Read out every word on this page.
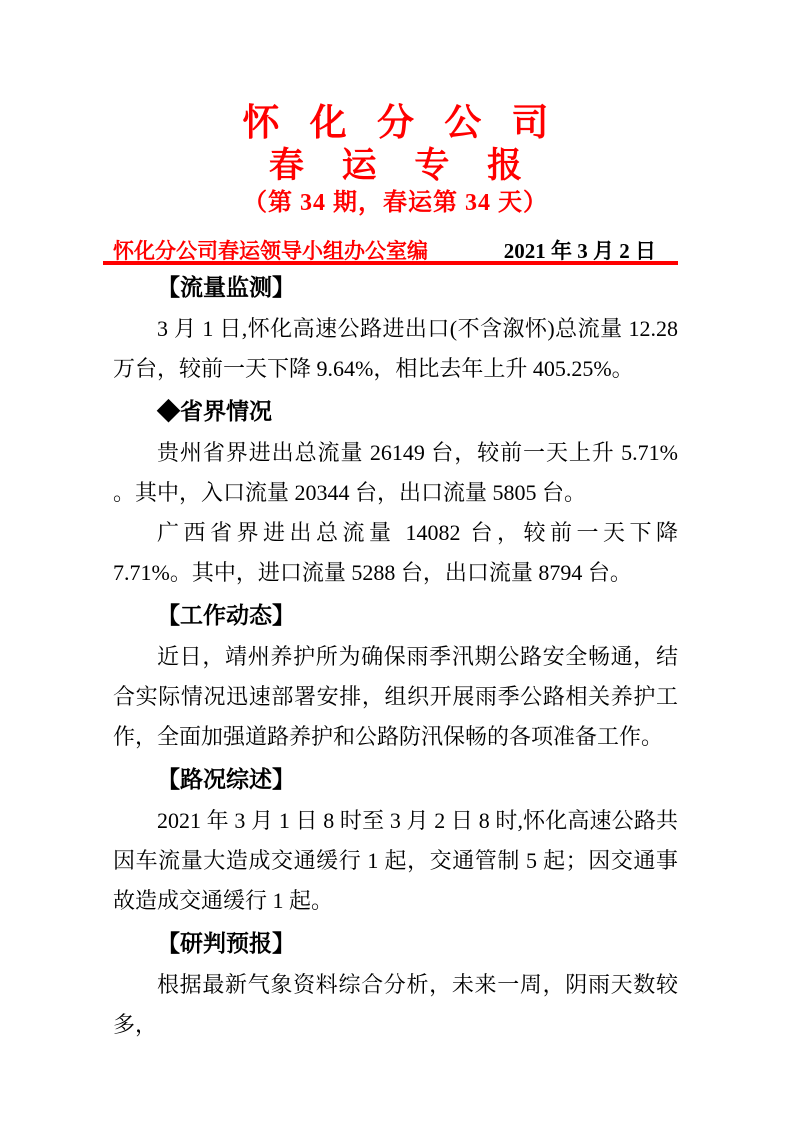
怀 化 分 公 司
春 运 专 报
（第 34 期，春运第 34 天）
怀化分公司春运领导小组办公室编	2021 年 3 月 2 日
【流量监测】

3 月 1 日,怀化高速公路进出口(不含溆怀)总流量 12.28 万台，较前一天下降 9.64%，相比去年上升 405.25%。

◆省界情况

贵州省界进出总流量 26149 台，较前一天上升 5.71% 。其中，入口流量 20344 台，出口流量 5805 台。

广西省界进出总流量 14082 台，较前一天下降 7.71%。其中，进口流量 5288 台，出口流量 8794 台。

【工作动态】

近日，靖州养护所为确保雨季汛期公路安全畅通，结合实际情况迅速部署安排，组织开展雨季公路相关养护工作，全面加强道路养护和公路防汛保畅的各项准备工作。

【路况综述】

2021 年 3 月 1 日 8 时至 3 月 2 日 8 时,怀化高速公路共因车流量大造成交通缓行 1 起，交通管制 5 起；因交通事故造成交通缓行 1 起。

【研判预报】

根据最新气象资料综合分析，未来一周，阴雨天数较多，
